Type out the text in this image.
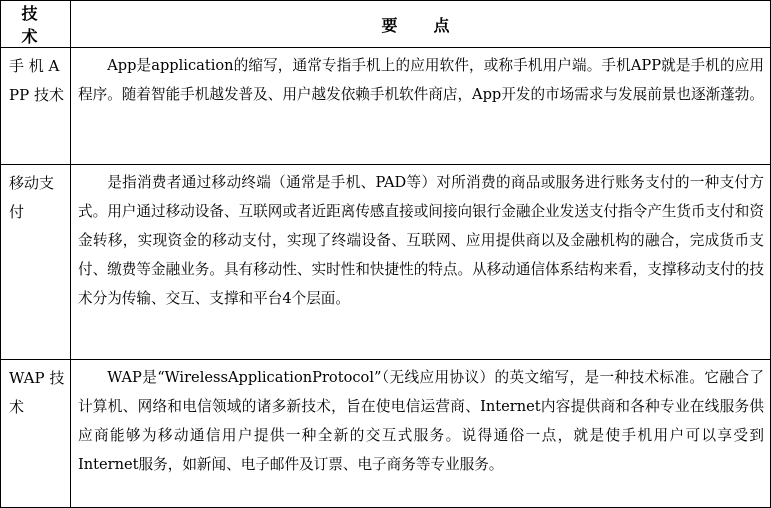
技　术	要　点
手 机 APP 技术	App是application的缩写，通常专指手机上的应用软件，或称手机用户端。手机APP就是手机的应用程序。随着智能手机越发普及、用户越发依赖手机软件商店，App开发的市场需求与发展前景也逐渐蓬勃。
移动支付	是指消费者通过移动终端（通常是手机、PAD等）对所消费的商品或服务进行账务支付的一种支付方式。用户通过移动设备、互联网或者近距离传感直接或间接向银行金融企业发送支付指令产生货币支付和资金转移，实现资金的移动支付，实现了终端设备、互联网、应用提供商以及金融机构的融合，完成货币支付、缴费等金融业务。具有移动性、实时性和快捷性的特点。从移动通信体系结构来看，支撑移动支付的技术分为传输、交互、支撑和平台4个层面。
WAP 技术	WAP是“WirelessApplicationProtocol”（无线应用协议）的英文缩写，是一种技术标准。它融合了计算机、网络和电信领域的诸多新技术，旨在使电信运营商、Internet内容提供商和各种专业在线服务供应商能够为移动通信用户提供一种全新的交互式服务。说得通俗一点，就是使手机用户可以享受到Internet服务，如新闻、电子邮件及订票、电子商务等专业服务。
